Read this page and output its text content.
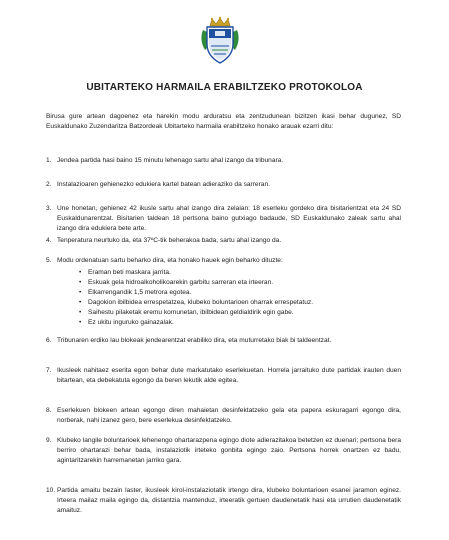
UBITARTEKO HARMAILA ERABILTZEKO PROTOKOLOA
Birusa gure artean dagoenez eta harekin modu arduratsu eta zentzudunean bizitzen ikasi behar dugunez, SD Euskaldunako Zuzendaritza Batzordeak Ubitarteko harmaila erabiltzeko honako arauak ezarri ditu:
1. Jendea partida hasi baino 15 minutu lehenago sartu ahal izango da tribunara.
2. Instalazioaren gehienezko edukiera kartel batean adieraziko da sarreran.
3. Une honetan, gehienez 42 ikusle sartu ahal izango dira zelaian: 18 eserleku gordeko dira bisitarientzat eta 24 SD Euskaldunarentzat. Bisitarien taldean 18 pertsona baino gutxiago badaude, SD Euskaldunako zaleak sartu ahal izango dira edukiera bete arte.
4. Tenperatura neurtuko da, eta 37ºC-tik beherakoa bada, sartu ahal izango da.
5. Modu ordenatuan sartu beharko dira, eta honako hauek egin beharko dituzte:
• Eraman beti maskara jarrita.
• Eskuak gela hidroalkoholikoarekin garbitu sarreran eta irteeran.
• Elkarrengandik 1,5 metrora egotea.
• Dagokion ibilbidea errespetatzea, klubeko boluntarioen oharrak errespetatuz.
• Saihestu pilaketak eremu komunetan, ibilbidean geldialdirik egin gabe.
• Ez ukitu inguruko gainazalak.
6. Tribunaren erdiko lau blokeak jendearentzat erabiliko dira, eta muturretako biak bi taldeentzat.
7. Ikusleek nahitaez eserita egon behar dute markatutako eserlekuetan. Horrela jarraituko dute partidak irauten duen bitartean, eta debekatuta egongo da beren lekutik alde egitea.
8. Eserlekuen blokeen artean egongo diren mahaietan desinfektatzeko gela eta papera eskuragarri egongo dira, norberak, nahi izanez gero, bere eserlekua desinfektatzeko.
9. Klubeko langile boluntarioek lehenengo ohartarazpena egingo diote adierazitakoa betetzen ez duenari; pertsona bera berriro ohartarazi behar bada, instalaziotik irteteko gonbita egingo zaio. Pertsona horrek onartzen ez badu, agintaritzarekin harremanetan jarriko gara.
10. Partida amaitu bezain laster, ikusleek kirol-instalaziotatik irtengo dira, klubeko boluntarioen esanei jaramon eginez. Irteera mailaz maila egingo da, distantzia mantenduz, irteeratik gertuen daudenetatik hasi eta urrutien daudenetatik amaituz.
